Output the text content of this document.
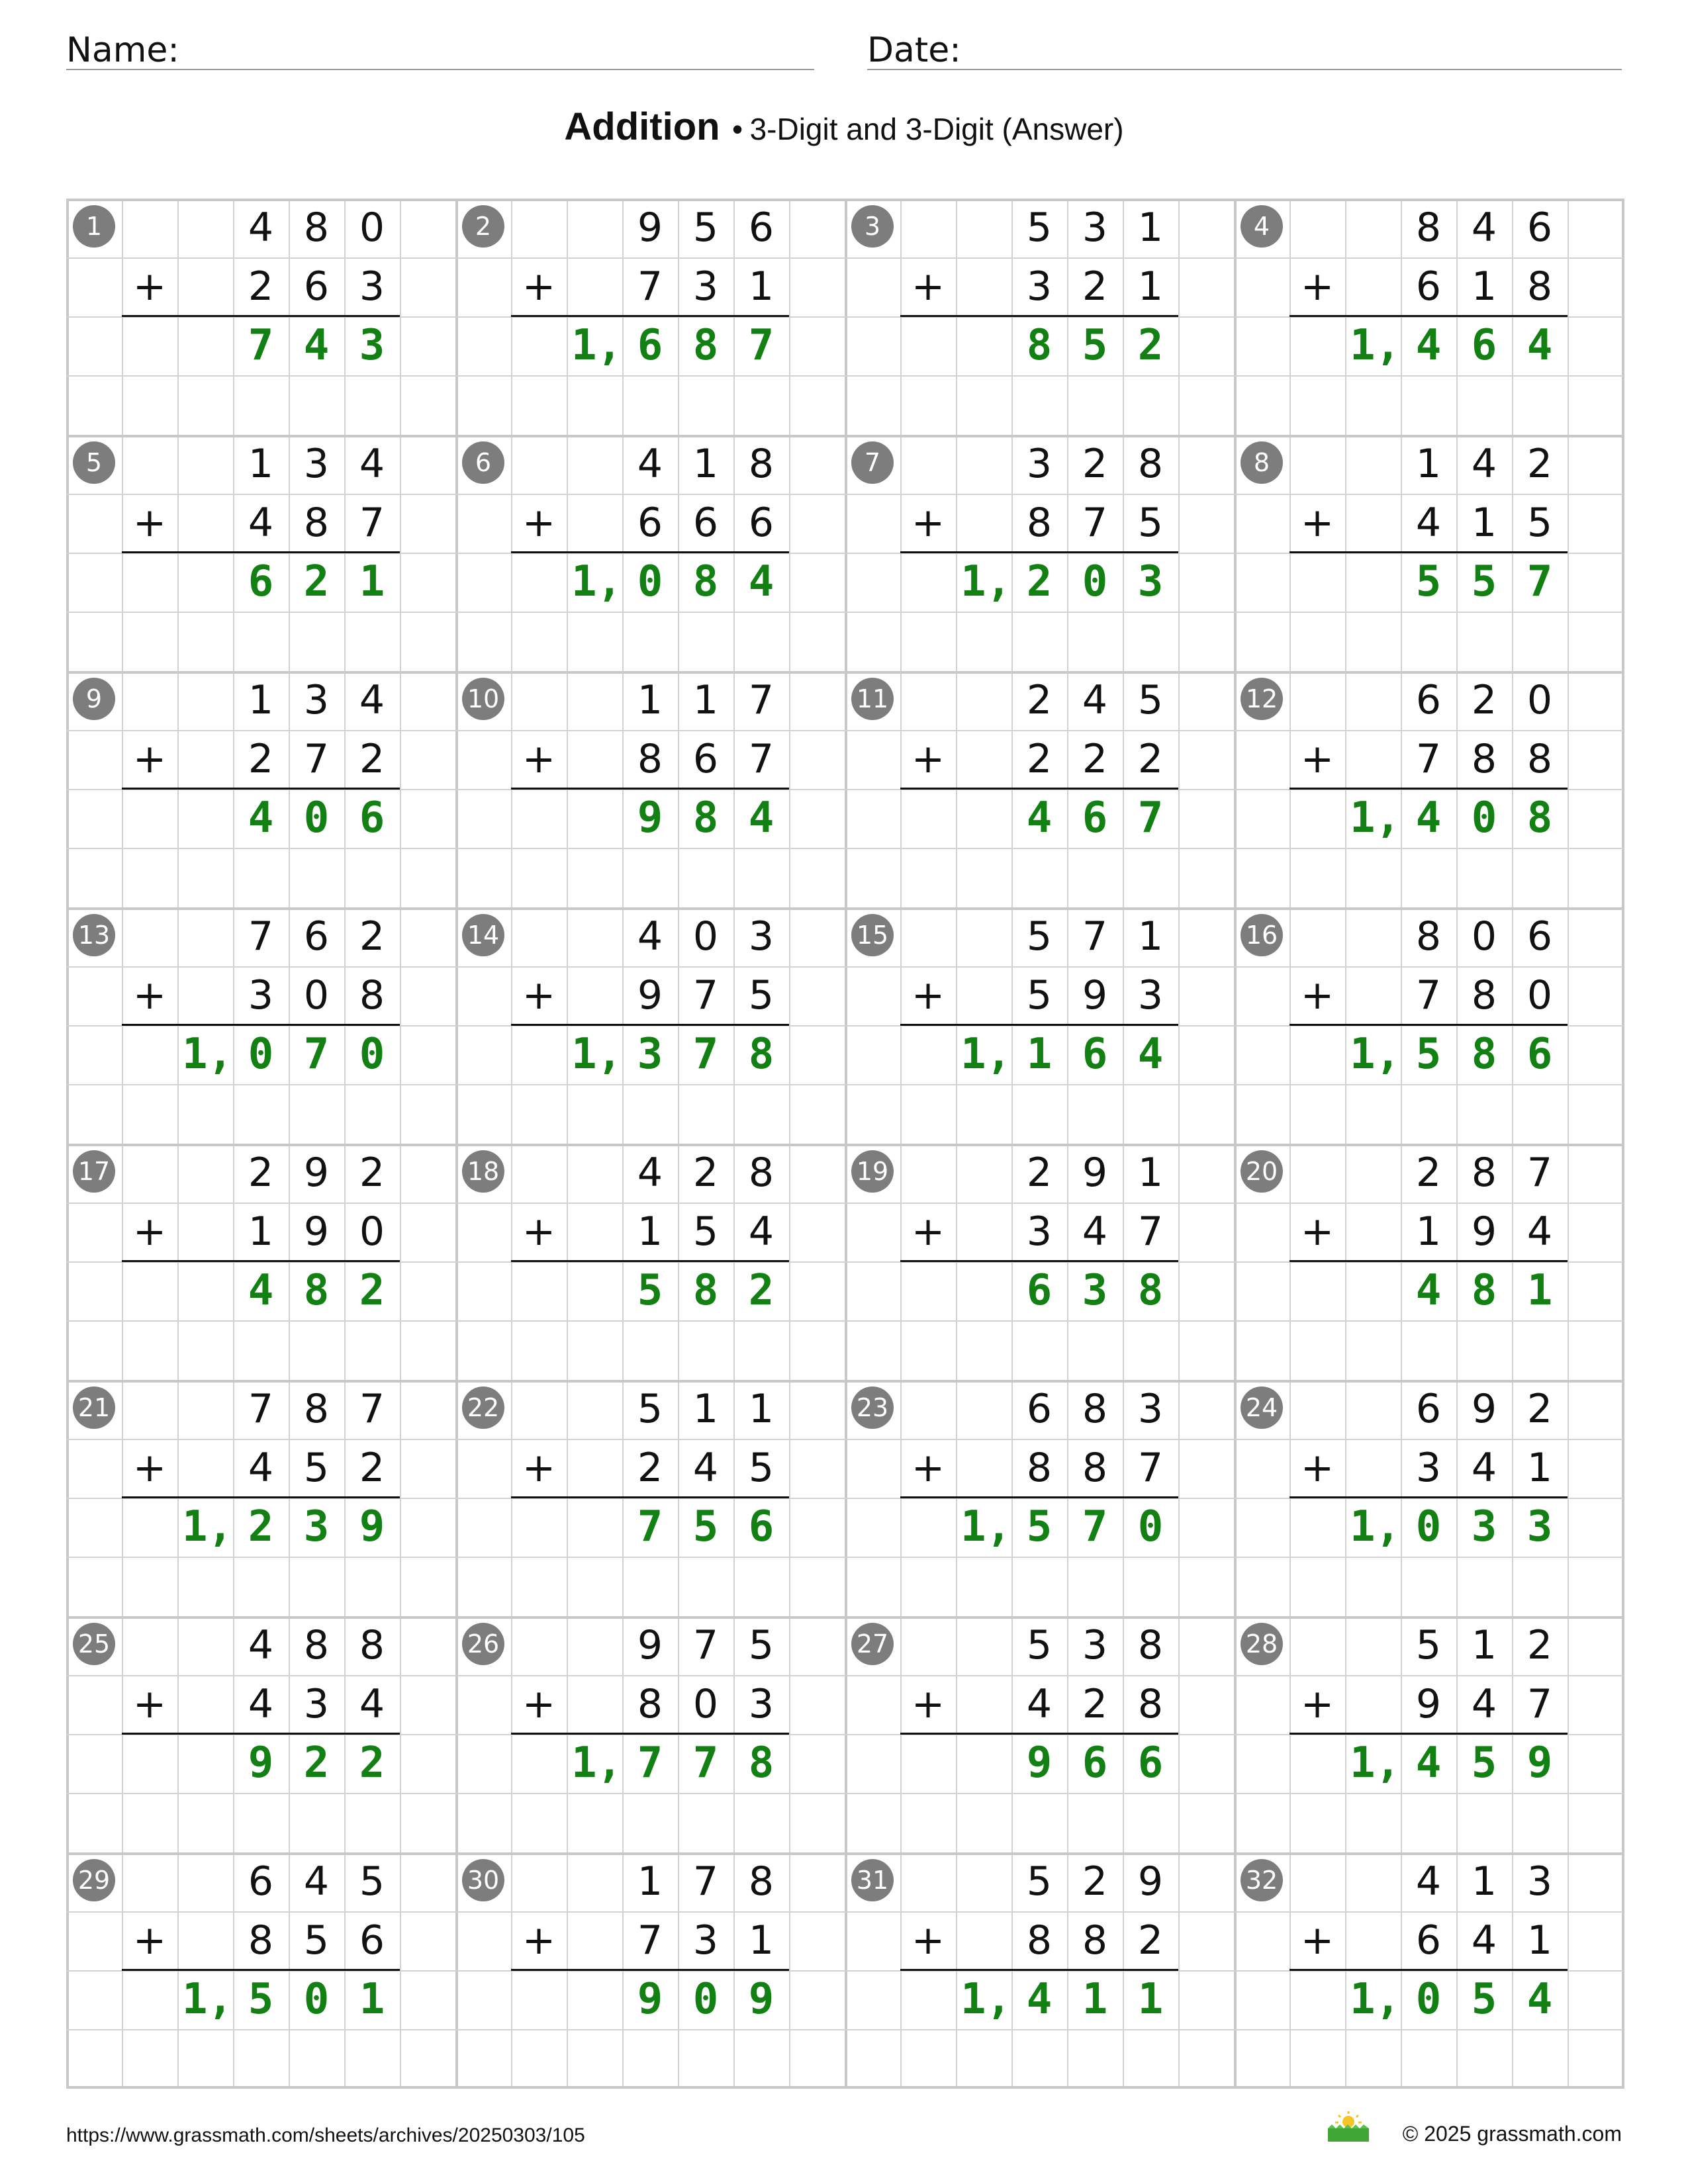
Name:	Date:
Addition • 3-Digit and 3-Digit (Answer)
1	4 8 0
+	2 6 3
7 4 3
2	9 5 6
+	7 3 1
1, 6 8 7
3	5 3 1
+	3 2 1
8 5 2
4	8 4 6
+	6 1 8
1, 4 6 4
5	1 3 4
+	4 8 7
6 2 1
6	4 1 8
+	6 6 6
1, 0 8 4
7	3 2 8
+	8 7 5
1, 2 0 3
8	1 4 2
+	4 1 5
5 5 7
9	1 3 4
+	2 7 2
4 0 6
10	1 1 7
+	8 6 7
9 8 4
11	2 4 5
+	2 2 2
4 6 7
12	6 2 0
+	7 8 8
1, 4 0 8
13	7 6 2
+	3 0 8
1, 0 7 0
14	4 0 3
+	9 7 5
1, 3 7 8
15	5 7 1
+	5 9 3
1, 1 6 4
16	8 0 6
+	7 8 0
1, 5 8 6
17	2 9 2
+	1 9 0
4 8 2
18	4 2 8
+	1 5 4
5 8 2
19	2 9 1
+	3 4 7
6 3 8
20	2 8 7
+	1 9 4
4 8 1
21	7 8 7
+	4 5 2
1, 2 3 9
22	5 1 1
+	2 4 5
7 5 6
23	6 8 3
+	8 8 7
1, 5 7 0
24	6 9 2
+	3 4 1
1, 0 3 3
25	4 8 8
+	4 3 4
9 2 2
26	9 7 5
+	8 0 3
1, 7 7 8
27	5 3 8
+	4 2 8
9 6 6
28	5 1 2
+	9 4 7
1, 4 5 9
29	6 4 5
+	8 5 6
1, 5 0 1
30	1 7 8
+	7 3 1
9 0 9
31	5 2 9
+	8 8 2
1, 4 1 1
32	4 1 3
+	6 4 1
1, 0 5 4
https://www.grassmath.com/sheets/archives/20250303/105	© 2025 grassmath.com
